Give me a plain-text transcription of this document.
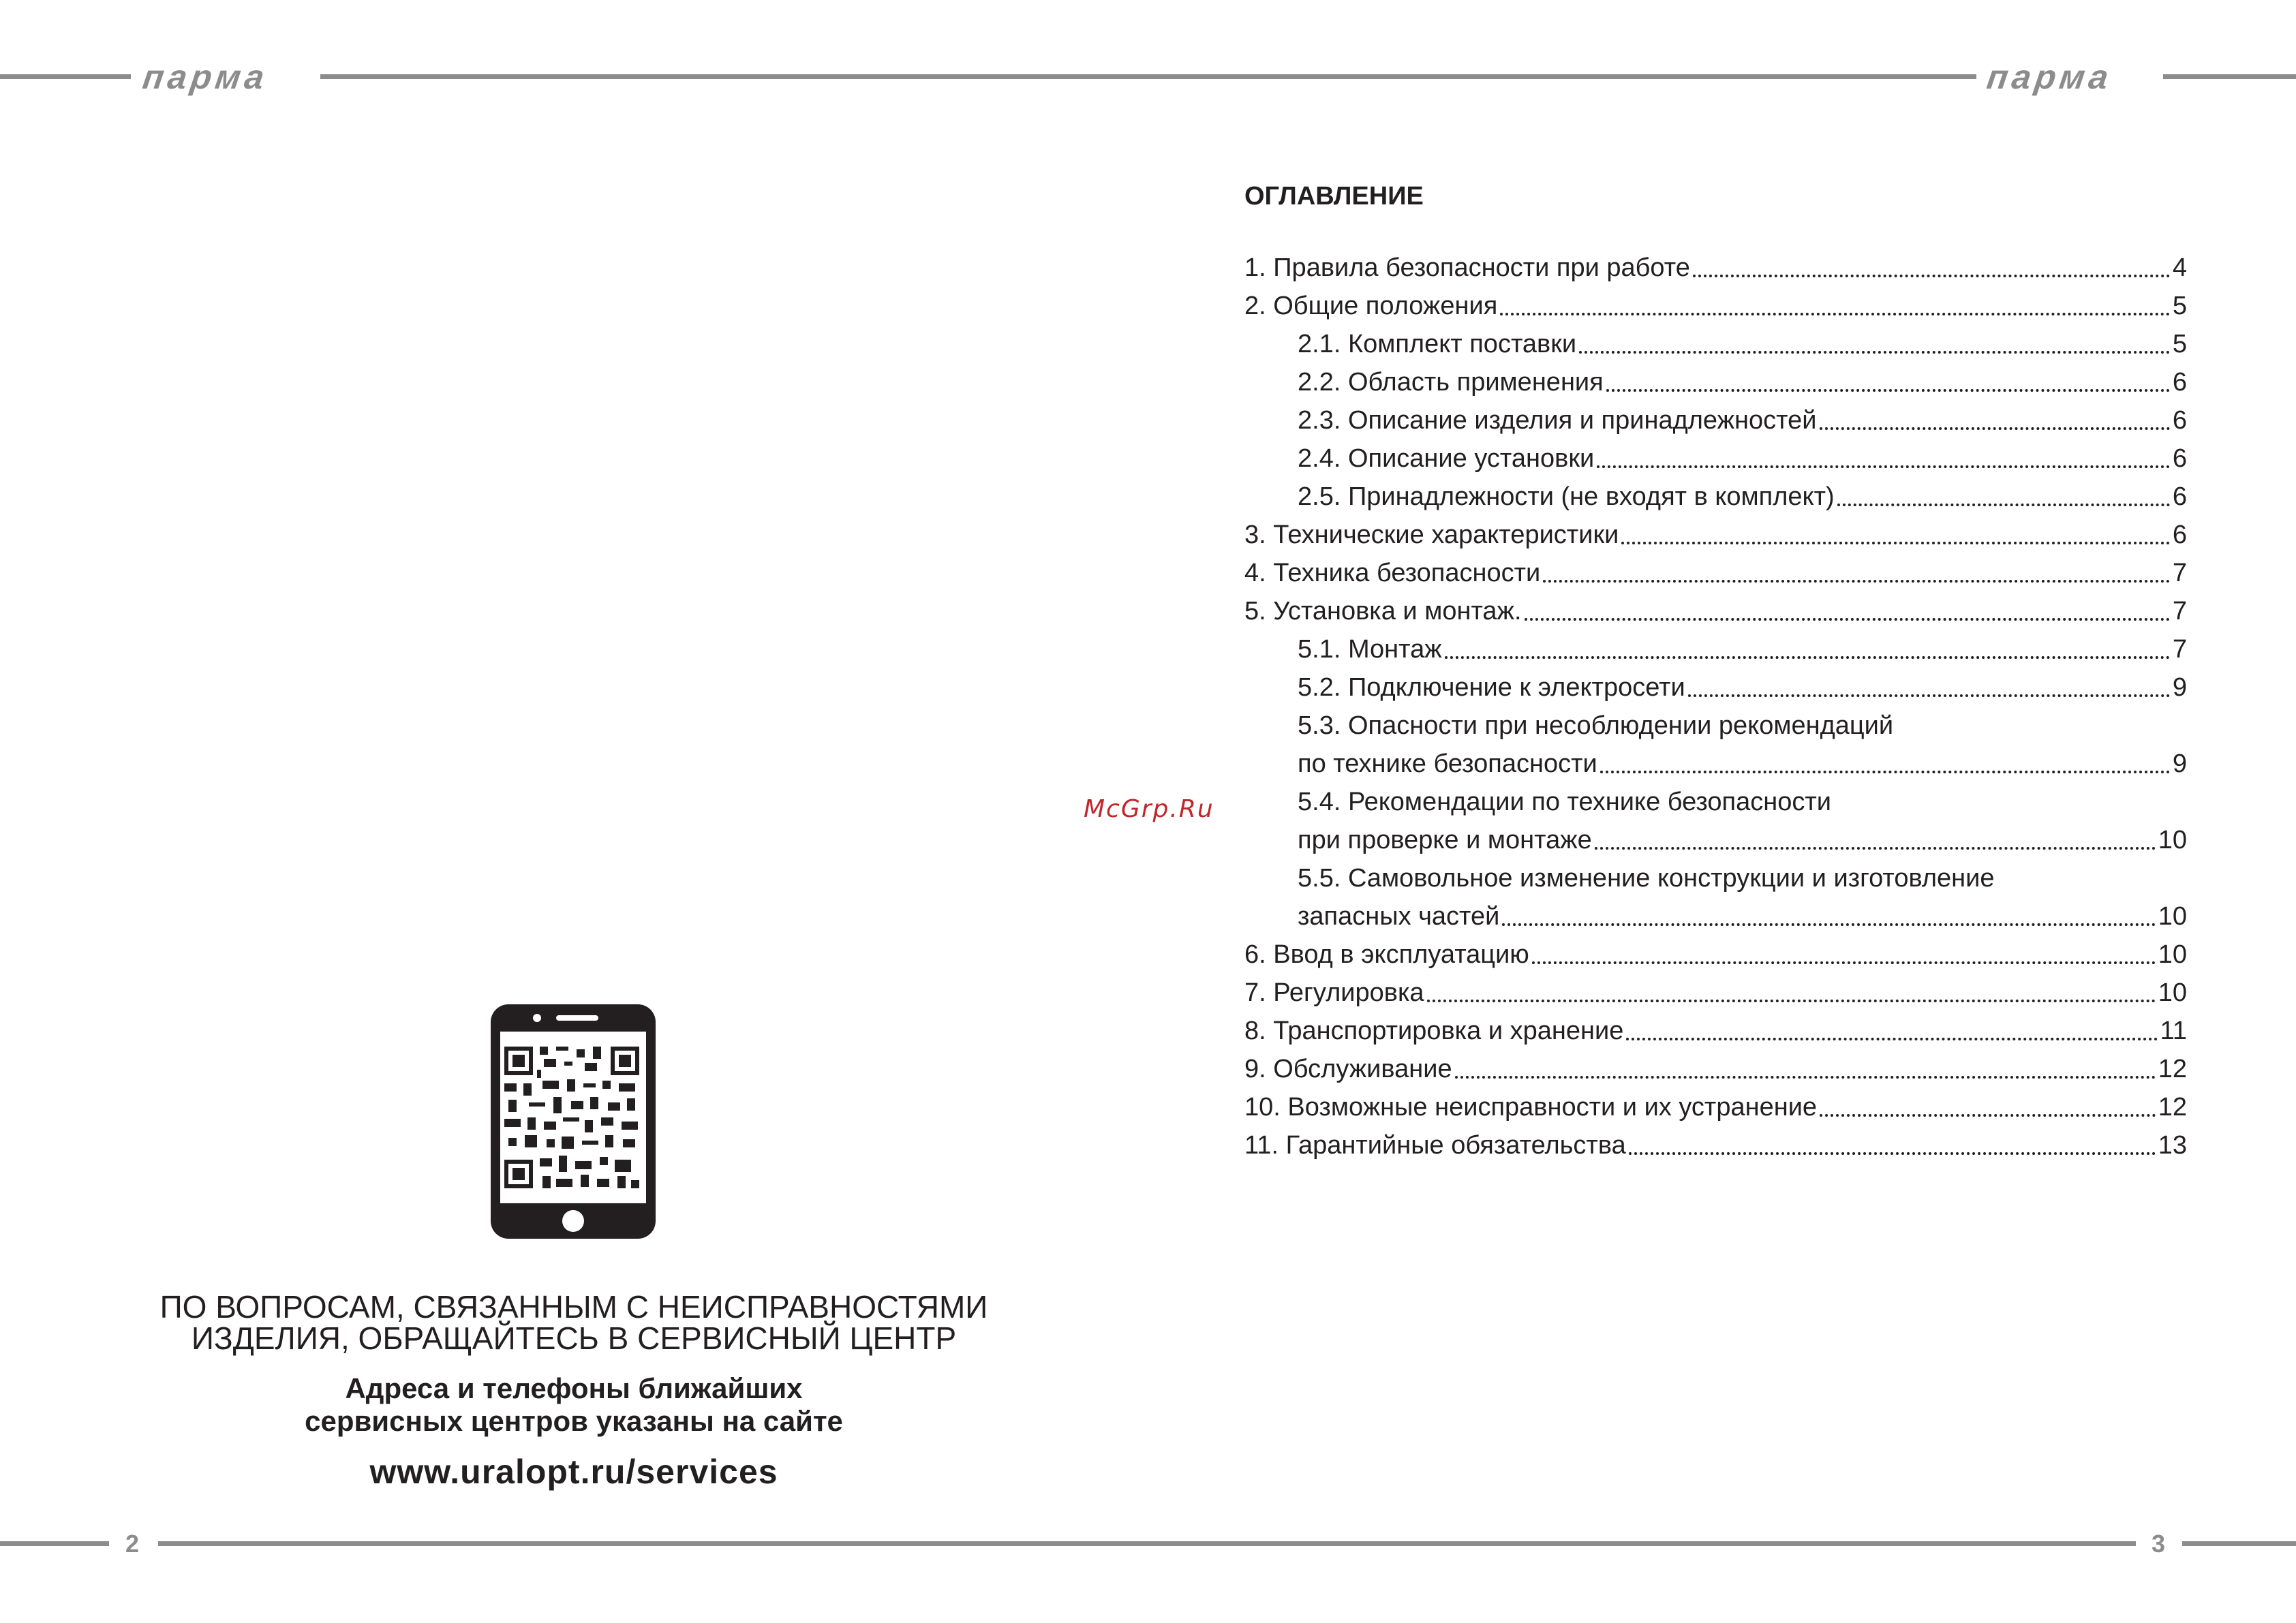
парма
ПО ВОПРОСАМ, СВЯЗАННЫМ С НЕИСПРАВНОСТЯМИ
ИЗДЕЛИЯ, ОБРАЩАЙТЕСЬ В СЕРВИСНЫЙ ЦЕНТР
Адреса и телефоны ближайших
сервисных центров указаны на сайте
www.uralopt.ru/services
2
McGrp.Ru
парма
3
ОГЛАВЛЕНИЕ
1. Правила безопасности при работе	4
2. Общие положения	5
2.1. Комплект поставки	5
2.2. Область применения	6
2.3. Описание изделия и принадлежностей	6
2.4. Описание установки	6
2.5. Принадлежности (не входят в комплект)	6
3. Технические характеристики	6
4. Техника безопасности	7
5. Установка и монтаж.	7
5.1. Монтаж	7
5.2. Подключение к электросети	9
5.3. Опасности при несоблюдении рекомендаций
по технике безопасности	9
5.4. Рекомендации по технике безопасности
при проверке и монтаже	10
5.5. Самовольное изменение конструкции и изготовление
запасных частей	10
6. Ввод в эксплуатацию	10
7. Регулировка	10
8. Транспортировка и хранение	11
9. Обслуживание	12
10. Возможные неисправности и их устранение	12
11. Гарантийные обязательства	13
